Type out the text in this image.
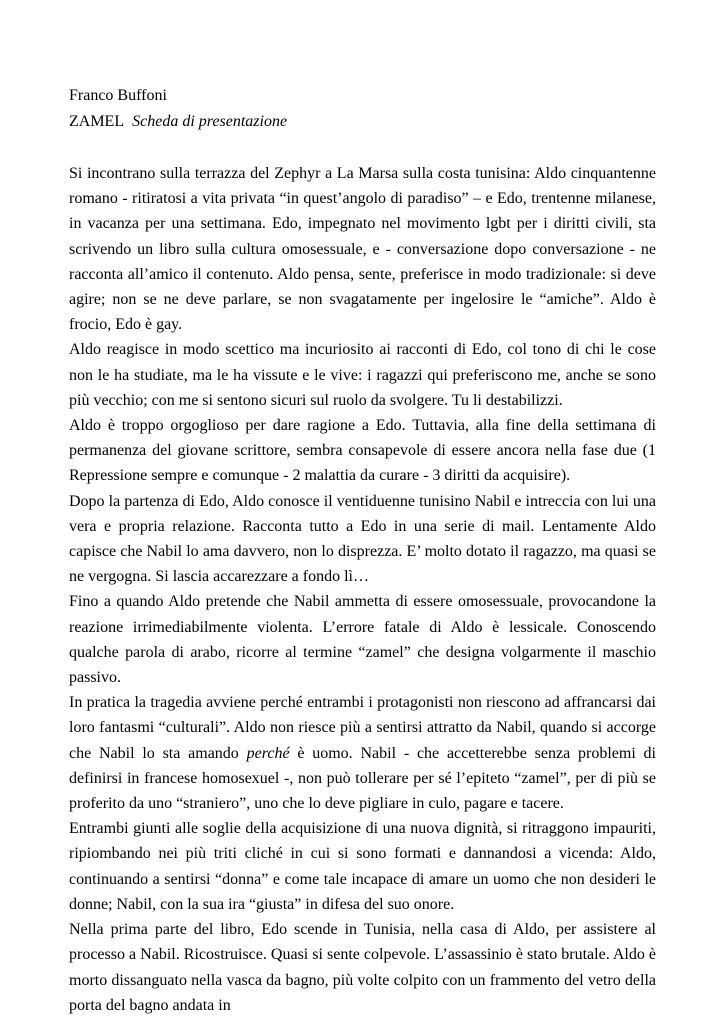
Franco Buffoni

ZAMEL Scheda di presentazione

Si incontrano sulla terrazza del Zephyr a La Marsa sulla costa tunisina: Aldo cinquantenne romano - ritiratosi a vita privata “in quest’angolo di paradiso” – e Edo, trentenne milanese, in vacanza per una settimana. Edo, impegnato nel movimento lgbt per i diritti civili, sta scrivendo un libro sulla cultura omosessuale, e - conversazione dopo conversazione - ne racconta all’amico il contenuto. Aldo pensa, sente, preferisce in modo tradizionale: si deve agire; non se ne deve parlare, se non svagatamente per ingelosire le “amiche”. Aldo è frocio, Edo è gay.

Aldo reagisce in modo scettico ma incuriosito ai racconti di Edo, col tono di chi le cose non le ha studiate, ma le ha vissute e le vive: i ragazzi qui preferiscono me, anche se sono più vecchio; con me si sentono sicuri sul ruolo da svolgere. Tu li destabilizzi.

Aldo è troppo orgoglioso per dare ragione a Edo. Tuttavia, alla fine della settimana di permanenza del giovane scrittore, sembra consapevole di essere ancora nella fase due (1 Repressione sempre e comunque - 2 malattia da curare - 3 diritti da acquisire).

Dopo la partenza di Edo, Aldo conosce il ventiduenne tunisino Nabil e intreccia con lui una vera e propria relazione. Racconta tutto a Edo in una serie di mail. Lentamente Aldo capisce che Nabil lo ama davvero, non lo disprezza. E’ molto dotato il ragazzo, ma quasi se ne vergogna. Si lascia accarezzare a fondo lì…

Fino a quando Aldo pretende che Nabil ammetta di essere omosessuale, provocandone la reazione irrimediabilmente violenta. L’errore fatale di Aldo è lessicale. Conoscendo qualche parola di arabo, ricorre al termine “zamel” che designa volgarmente il maschio passivo.

In pratica la tragedia avviene perché entrambi i protagonisti non riescono ad affrancarsi dai loro fantasmi “culturali”. Aldo non riesce più a sentirsi attratto da Nabil, quando si accorge che Nabil lo sta amando perché è uomo. Nabil - che accetterebbe senza problemi di definirsi in francese homosexuel -, non può tollerare per sé l’epiteto “zamel”, per di più se proferito da uno “straniero”, uno che lo deve pigliare in culo, pagare e tacere.

Entrambi giunti alle soglie della acquisizione di una nuova dignità, si ritraggono impauriti, ripiombando nei più triti cliché in cui si sono formati e dannandosi a vicenda: Aldo, continuando a sentirsi “donna” e come tale incapace di amare un uomo che non desideri le donne; Nabil, con la sua ira “giusta” in difesa del suo onore.

Nella prima parte del libro, Edo scende in Tunisia, nella casa di Aldo, per assistere al processo a Nabil. Ricostruisce. Quasi si sente colpevole. L’assassinio è stato brutale. Aldo è morto dissanguato nella vasca da bagno, più volte colpito con un frammento del vetro della porta del bagno andata in
